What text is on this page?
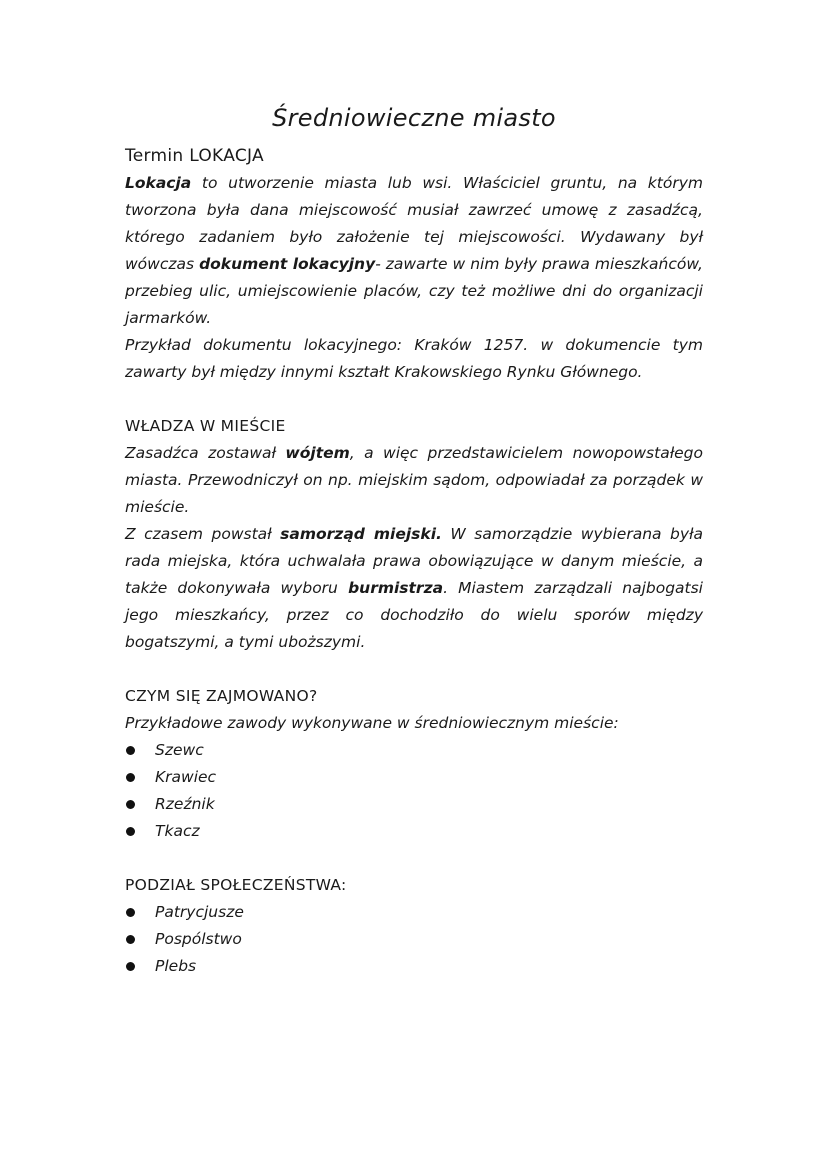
Średniowieczne miasto

Termin LOKACJA

Lokacja to utworzenie miasta lub wsi. Właściciel gruntu, na którym tworzona była dana miejscowość musiał zawrzeć umowę z zasadźcą, którego zadaniem było założenie tej miejscowości. Wydawany był wówczas dokument lokacyjny- zawarte w nim były prawa mieszkańców, przebieg ulic, umiejscowienie placów, czy też możliwe dni do organizacji jarmarków.

Przykład dokumentu lokacyjnego: Kraków 1257. w dokumencie tym zawarty był między innymi kształt Krakowskiego Rynku Głównego.

WŁADZA W MIEŚCIE

Zasadźca zostawał wójtem, a więc przedstawicielem nowopowstałego miasta. Przewodniczył on np. miejskim sądom, odpowiadał za porządek w mieście.

Z czasem powstał samorząd miejski. W samorządzie wybierana była rada miejska, która uchwalała prawa obowiązujące w danym mieście, a także dokonywała wyboru burmistrza. Miastem zarządzali najbogatsi jego mieszkańcy, przez co dochodziło do wielu sporów między bogatszymi, a tymi uboższymi.

CZYM SIĘ ZAJMOWANO?

Przykładowe zawody wykonywane w średniowiecznym mieście:

Szewc
Krawiec
Rzeźnik
Tkacz

PODZIAŁ SPOŁECZEŃSTWA:

Patrycjusze
Pospólstwo
Plebs
